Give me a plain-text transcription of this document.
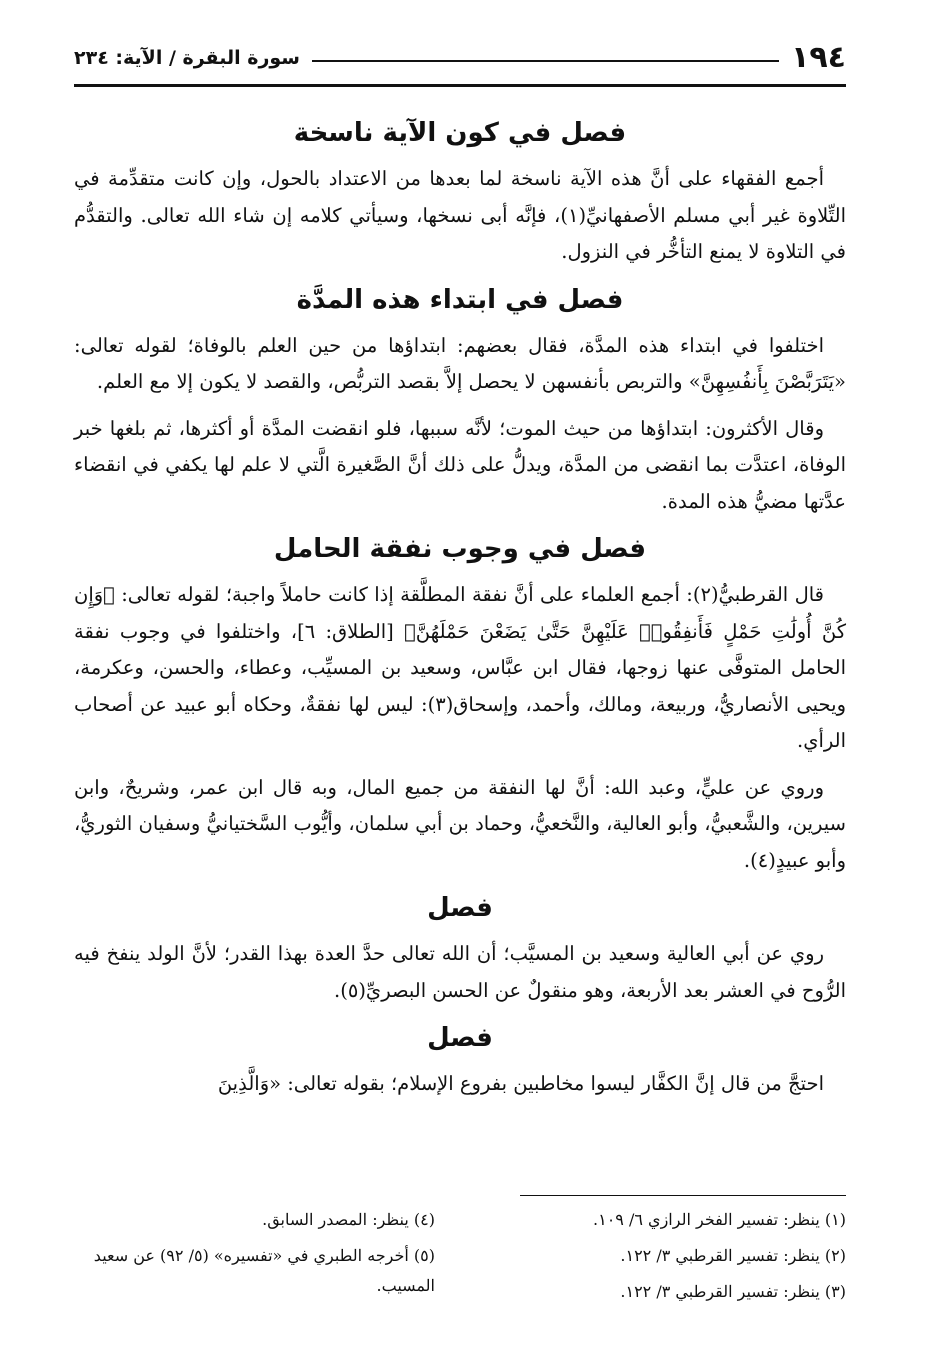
١٩٤
سورة البقرة / الآية: ٢٣٤
فصل في كون الآية ناسخة

أجمع الفقهاء على أنَّ هذه الآية ناسخة لما بعدها من الاعتداد بالحول، وإن كانت متقدِّمة في التِّلاوة غير أبي مسلم الأصفهانيِّ(١)، فإنَّه أبى نسخها، وسيأتي كلامه إن شاء الله تعالى. والتقدُّم في التلاوة لا يمنع التأخُّر في النزول.

فصل في ابتداء هذه المدَّة

اختلفوا في ابتداء هذه المدَّة، فقال بعضهم: ابتداؤها من حين العلم بالوفاة؛ لقوله تعالى: «يَتَرَبَّصْنَ بِأَنفُسِهِنَّ» والتربص بأنفسهن لا يحصل إلاَّ بقصد التربُّص، والقصد لا يكون إلا مع العلم.

وقال الأكثرون: ابتداؤها من حيث الموت؛ لأنَّه سببها، فلو انقضت المدَّة أو أكثرها، ثم بلغها خبر الوفاة، اعتدَّت بما انقضى من المدَّة، ويدلُّ على ذلك أنَّ الصَّغيرة الَّتي لا علم لها يكفي في انقضاء عدَّتها مضيُّ هذه المدة.

فصل في وجوب نفقة الحامل

قال القرطبيُّ(٢): أجمع العلماء على أنَّ نفقة المطلَّقة إذا كانت حاملاً واجبة؛ لقوله تعالى: ﴿وَإِن كُنَّ أُولَٰتِ حَمْلٍ فَأَنفِقُوا۟ عَلَيْهِنَّ حَتَّىٰ يَضَعْنَ حَمْلَهُنَّ﴾ [الطلاق: ٦]، واختلفوا في وجوب نفقة الحامل المتوفَّى عنها زوجها، فقال ابن عبَّاس، وسعيد بن المسيِّب، وعطاء، والحسن، وعكرمة، ويحيى الأنصاريُّ، وربيعة، ومالك، وأحمد، وإسحاق(٣): ليس لها نفقةٌ، وحكاه أبو عبيد عن أصحاب الرأي.

وروي عن عليٍّ، وعبد الله: أنَّ لها النفقة من جميع المال، وبه قال ابن عمر، وشريحٌ، وابن سيرين، والشَّعبيُّ، وأبو العالية، والنَّخعيُّ، وحماد بن أبي سلمان، وأيُّوب السَّختيانيُّ وسفيان الثوريُّ، وأبو عبيدٍ(٤).

فصل

روي عن أبي العالية وسعيد بن المسيَّب؛ أن الله تعالى حدَّ العدة بهذا القدر؛ لأنَّ الولد ينفخ فيه الرُّوح في العشر بعد الأربعة، وهو منقولٌ عن الحسن البصريِّ(٥).

فصل

احتجَّ من قال إنَّ الكفَّار ليسوا مخاطبين بفروع الإسلام؛ بقوله تعالى: «وَالَّذِينَ

(١) ينظر: تفسير الفخر الرازي ٦/ ١٠٩.
(٢) ينظر: تفسير القرطبي ٣/ ١٢٢.
(٣) ينظر: تفسير القرطبي ٣/ ١٢٢.
(٤) ينظر: المصدر السابق.
(٥) أخرجه الطبري في «تفسيره» (٥/ ٩٢) عن سعيد المسيب.
